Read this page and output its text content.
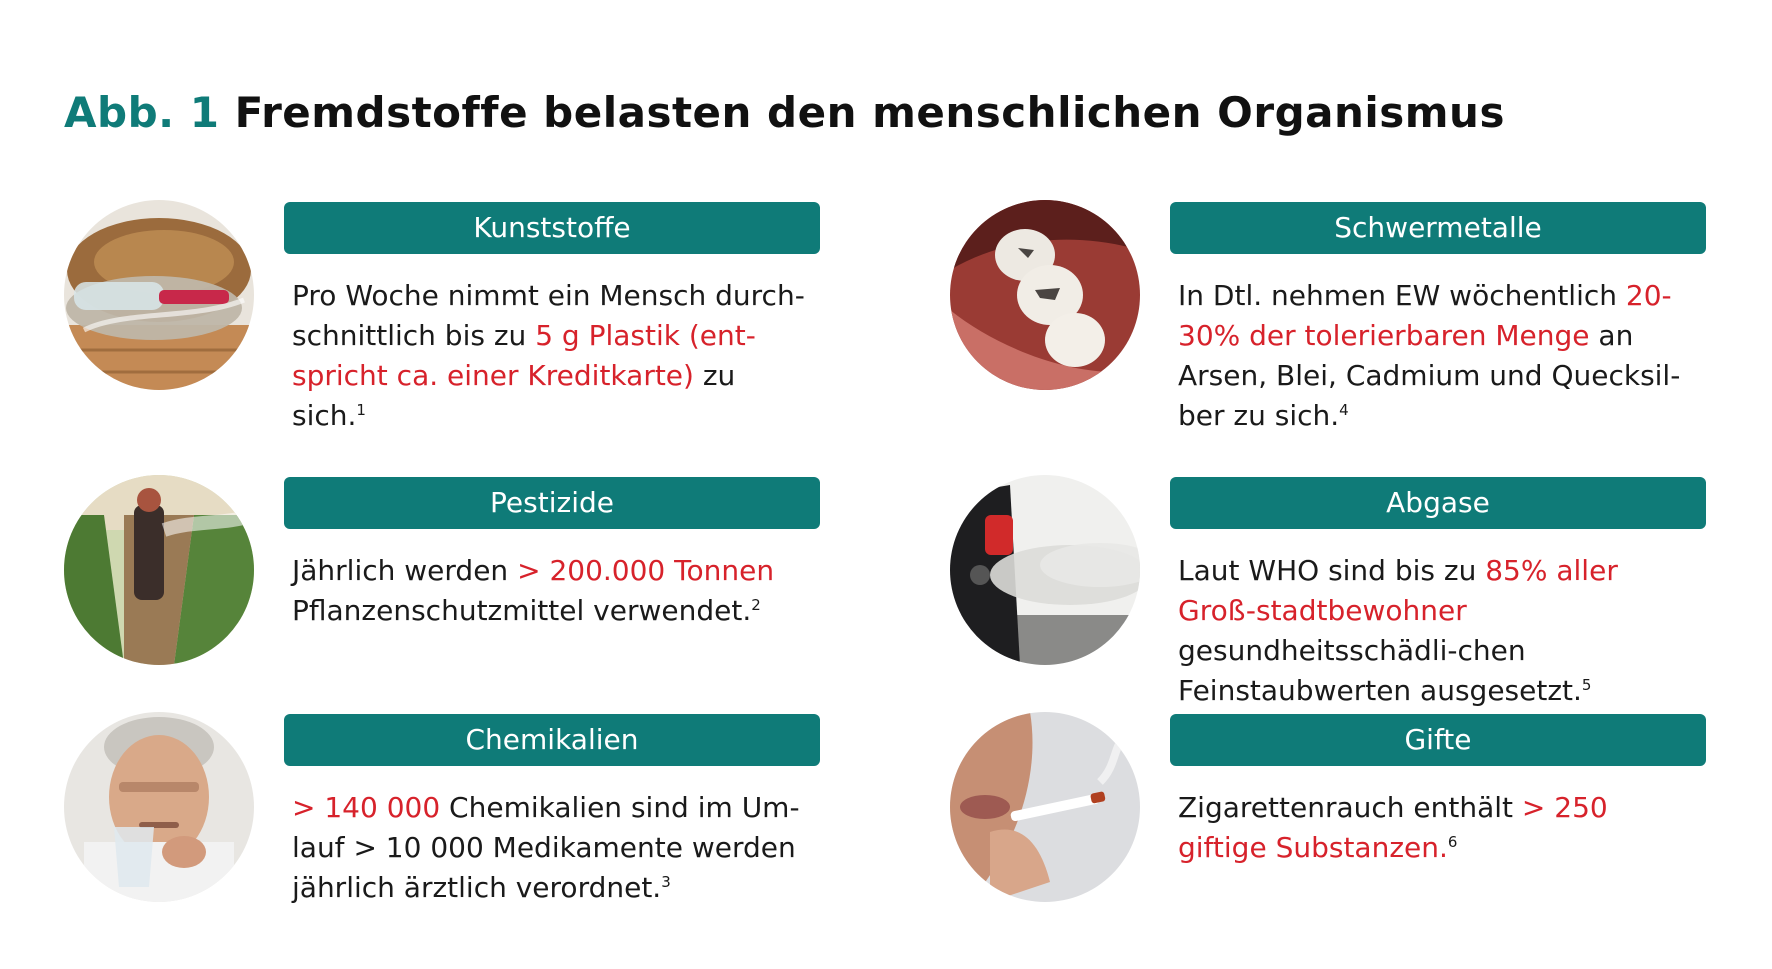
Abb. 1 Fremdstoffe belasten den menschlichen Organismus
Kunststoffe
Pro Woche nimmt ein Mensch durch-schnittlich bis zu 5 g Plastik (ent-spricht ca. einer Kreditkarte) zu sich.$^1$
Schwermetalle
In Dtl. nehmen EW wöchentlich 20-30% der tolerierbaren Menge an Arsen, Blei, Cadmium und Quecksil-ber zu sich.$^4$
Pestizide
Jährlich werden > 200.000 Tonnen Pflanzenschutzmittel verwendet.$^2$
Abgase
Laut WHO sind bis zu 85% aller Groß-stadtbewohner gesundheitsschädli-chen Feinstaubwerten ausgesetzt.$^5$
Chemikalien
> 140 000 Chemikalien sind im Um-lauf > 10 000 Medikamente werden jährlich ärztlich verordnet.$^3$
Gifte
Zigarettenrauch enthält > 250 giftige Substanzen.$^6$
